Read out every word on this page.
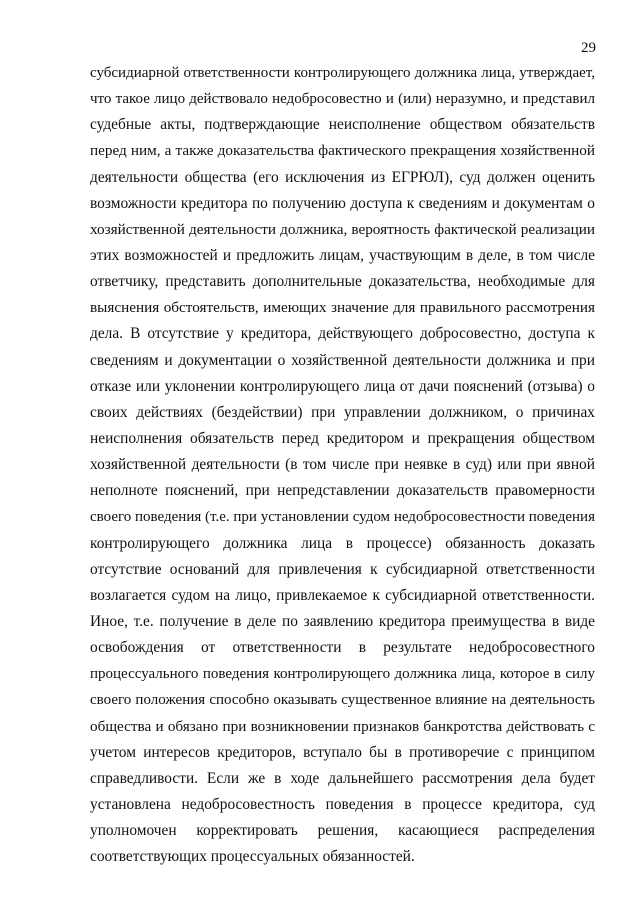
29
субсидиарной ответственности контролирующего должника лица, утверждает,
что такое лицо действовало недобросовестно и (или) неразумно, и представил
судебные акты, подтверждающие неисполнение обществом обязательств
перед ним, а также доказательства фактического прекращения хозяйственной
деятельности общества (его исключения из ЕГРЮЛ), суд должен оценить
возможности кредитора по получению доступа к сведениям и документам о
хозяйственной деятельности должника, вероятность фактической реализации
этих возможностей и предложить лицам, участвующим в деле, в том числе
ответчику, представить дополнительные доказательства, необходимые для
выяснения обстоятельств, имеющих значение для правильного рассмотрения
дела. В отсутствие у кредитора, действующего добросовестно, доступа к
сведениям и документации о хозяйственной деятельности должника и при
отказе или уклонении контролирующего лица от дачи пояснений (отзыва) о
своих действиях (бездействии) при управлении должником, о причинах
неисполнения обязательств перед кредитором и прекращения обществом
хозяйственной деятельности (в том числе при неявке в суд) или при явной
неполноте пояснений, при непредставлении доказательств правомерности
своего поведения (т.е. при установлении судом недобросовестности поведения
контролирующего должника лица в процессе) обязанность доказать
отсутствие оснований для привлечения к субсидиарной ответственности
возлагается судом на лицо, привлекаемое к субсидиарной ответственности.
Иное, т.е. получение в деле по заявлению кредитора преимущества в виде
освобождения от ответственности в результате недобросовестного
процессуального поведения контролирующего должника лица, которое в силу
своего положения способно оказывать существенное влияние на деятельность
общества и обязано при возникновении признаков банкротства действовать с
учетом интересов кредиторов, вступало бы в противоречие с принципом
справедливости. Если же в ходе дальнейшего рассмотрения дела будет
установлена недобросовестность поведения в процессе кредитора, суд
уполномочен корректировать решения, касающиеся распределения
соответствующих процессуальных обязанностей.
